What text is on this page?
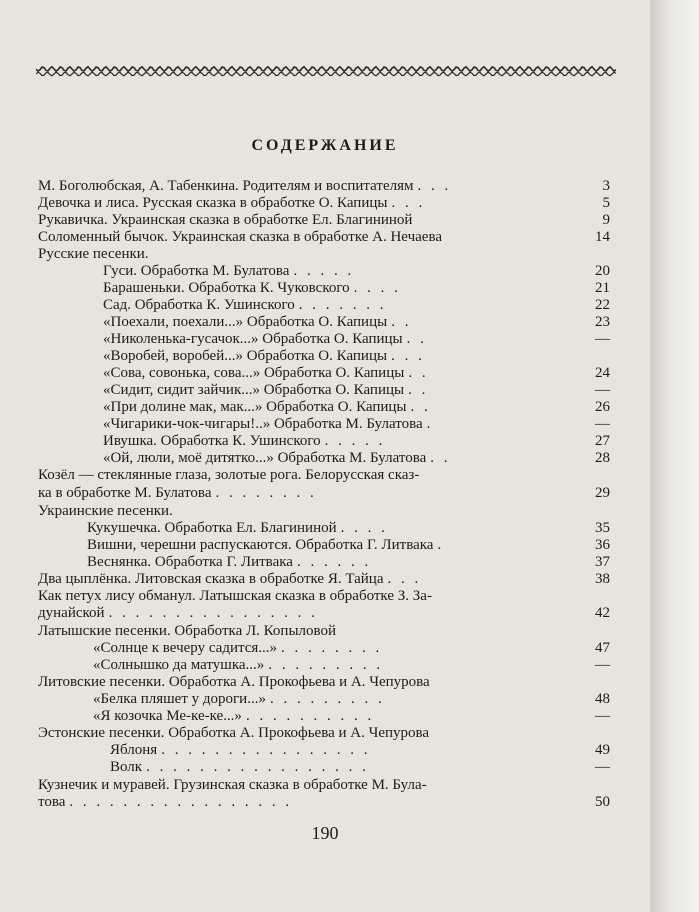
СОДЕРЖАНИЕ
М. Боголюбская, А. Табенкина. Родителям и воспитателям . . .	3
Девочка и лиса. Русская сказка в обработке О. Капицы . . .	5
Рукавичка. Украинская сказка в обработке Ел. Благининой	9
Соломенный бычок. Украинская сказка в обработке А. Нечаева	14
Русские песенки.
Гуси. Обработка М. Булатова . . . . .	20
Барашеньки. Обработка К. Чуковского . . . .	21
Сад. Обработка К. Ушинского . . . . . . .	22
«Поехали, поехали...» Обработка О. Капицы . .	23
«Николенька-гусачок...» Обработка О. Капицы . .	—
«Воробей, воробей...» Обработка О. Капицы . . .
«Сова, совонька, сова...» Обработка О. Капицы . .	24
«Сидит, сидит зайчик...» Обработка О. Капицы . .	—
«При долине мак, мак...» Обработка О. Капицы . .	26
«Чигарики-чок-чигары!..» Обработка М. Булатова .	—
Ивушка. Обработка К. Ушинского . . . . .	27
«Ой, люли, моё дитятко...» Обработка М. Булатова . .	28
Козёл — стеклянные глаза, золотые рога. Белорусская сказ-
ка в обработке М. Булатова . . . . . . . .	29
Украинские песенки.
Кукушечка. Обработка Ел. Благининой . . . .	35
Вишни, черешни распускаются. Обработка Г. Литвака .	36
Веснянка. Обработка Г. Литвака . . . . . .	37
Два цыплёнка. Литовская сказка в обработке Я. Тайца . . .	38
Как петух лису обманул. Латышская сказка в обработке З. За-
дунайской . . . . . . . . . . . . . . . .	42
Латышские песенки. Обработка Л. Копыловой
«Солнце к вечеру садится...» . . . . . . . .	47
«Солнышко да матушка...» . . . . . . . . .	—
Литовские песенки. Обработка А. Прокофьева и А. Чепурова
«Белка пляшет у дороги...» . . . . . . . . .	48
«Я козочка Ме-ке-ке...» . . . . . . . . . .	—
Эстонские песенки. Обработка А. Прокофьева и А. Чепурова
Яблоня . . . . . . . . . . . . . . . .	49
Волк . . . . . . . . . . . . . . . . .	—
Кузнечик и муравей. Грузинская сказка в обработке М. Була-
това . . . . . . . . . . . . . . . . .	50
190
